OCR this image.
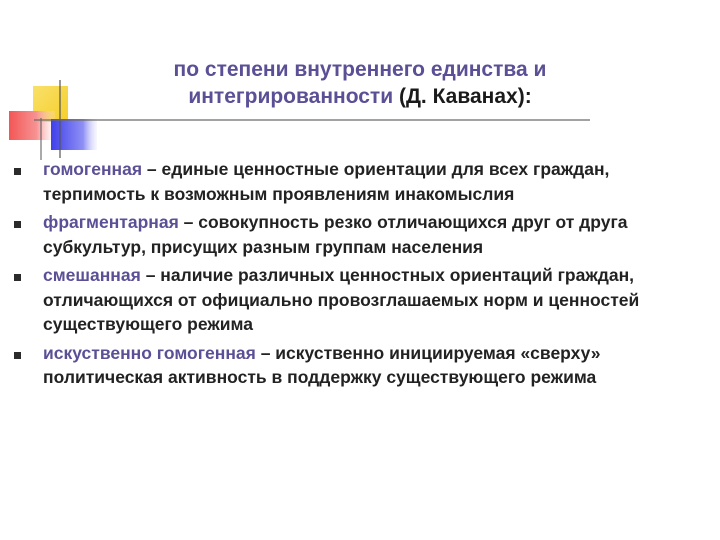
по степени внутреннего единства и
интегрированности (Д. Каванах):
гомогенная – единые ценностные ориентации для всех граждан, терпимость к возможным проявлениям инакомыслия
фрагментарная – совокупность резко отличающихся друг от друга субкультур, присущих разным группам населения
смешанная – наличие различных ценностных ориентаций граждан, отличающихся от официально провозглашаемых норм и ценностей существующего режима
искуственно гомогенная – искуственно инициируемая «сверху» политическая активность в поддержку существующего режима
